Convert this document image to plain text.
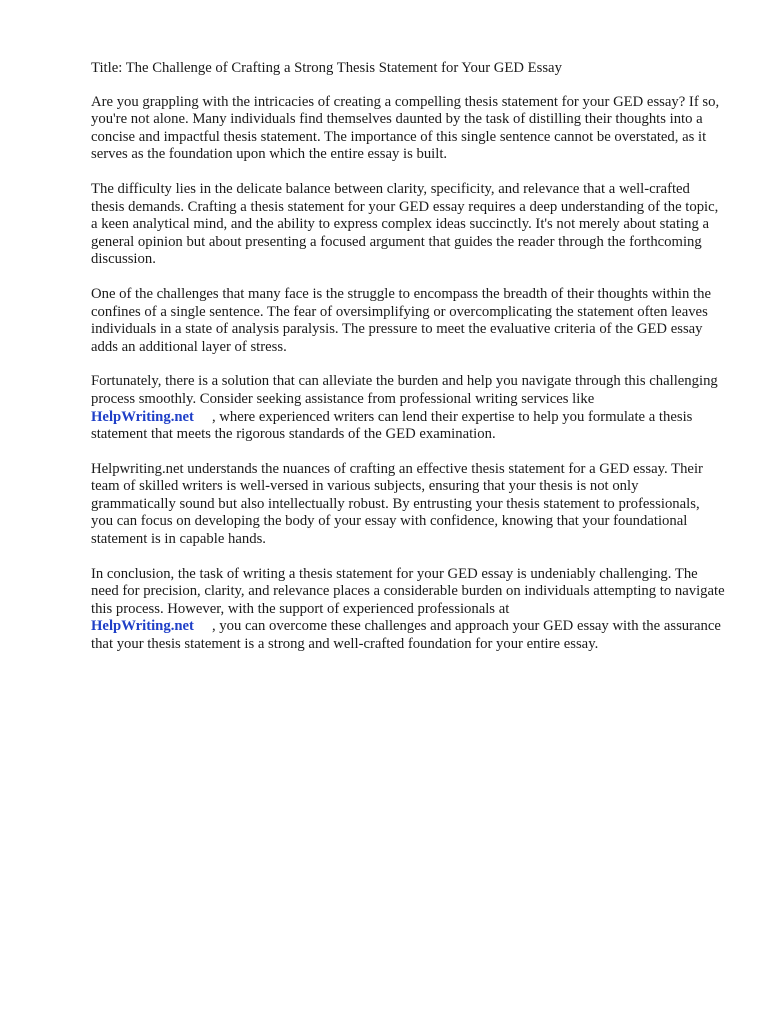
Title: The Challenge of Crafting a Strong Thesis Statement for Your GED Essay

Are you grappling with the intricacies of creating a compelling thesis statement for your GED essay? If so, you're not alone. Many individuals find themselves daunted by the task of distilling their thoughts into a concise and impactful thesis statement. The importance of this single sentence cannot be overstated, as it serves as the foundation upon which the entire essay is built.

The difficulty lies in the delicate balance between clarity, specificity, and relevance that a well-crafted thesis demands. Crafting a thesis statement for your GED essay requires a deep understanding of the topic, a keen analytical mind, and the ability to express complex ideas succinctly. It's not merely about stating a general opinion but about presenting a focused argument that guides the reader through the forthcoming discussion.

One of the challenges that many face is the struggle to encompass the breadth of their thoughts within the confines of a single sentence. The fear of oversimplifying or overcomplicating the statement often leaves individuals in a state of analysis paralysis. The pressure to meet the evaluative criteria of the GED essay adds an additional layer of stress.

Fortunately, there is a solution that can alleviate the burden and help you navigate through this challenging process smoothly. Consider seeking assistance from professional writing services like
HelpWriting.net , where experienced writers can lend their expertise to help you formulate a thesis statement that meets the rigorous standards of the GED examination.

Helpwriting.net understands the nuances of crafting an effective thesis statement for a GED essay. Their team of skilled writers is well-versed in various subjects, ensuring that your thesis is not only grammatically sound but also intellectually robust. By entrusting your thesis statement to professionals, you can focus on developing the body of your essay with confidence, knowing that your foundational statement is in capable hands.

In conclusion, the task of writing a thesis statement for your GED essay is undeniably challenging. The need for precision, clarity, and relevance places a considerable burden on individuals attempting to navigate this process. However, with the support of experienced professionals at
HelpWriting.net , you can overcome these challenges and approach your GED essay with the assurance that your thesis statement is a strong and well-crafted foundation for your entire essay.
